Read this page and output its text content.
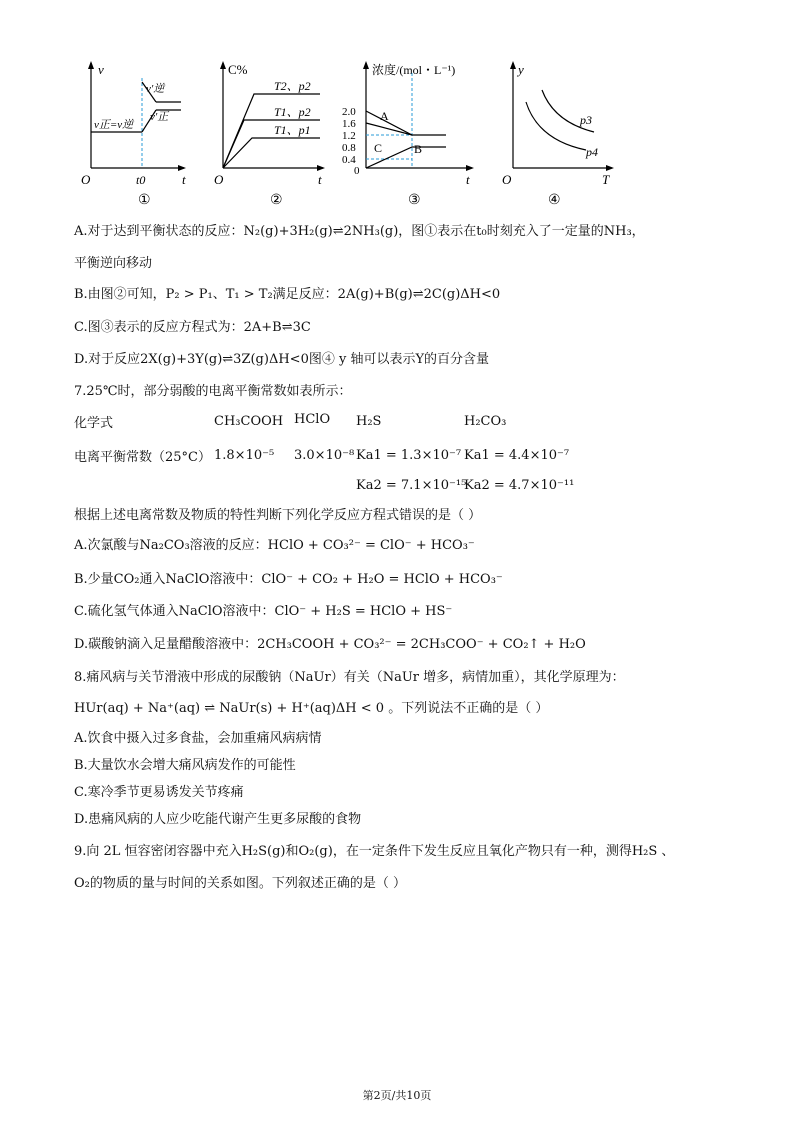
v
t
O
v′逆
v′正
v正=v逆
t0
①
C%
t
O
T2、p2
T1、p2
T1、p1
②
浓度/(mol・L⁻¹)
t
2.0
1.6
1.2
0.8
0.4
0
A
B
C
③
y
T
O
p3
p4
④
A.对于达到平衡状态的反应：N₂(g)+3H₂(g)⇌2NH₃(g)，图①表示在t₀时刻充入了一定量的NH₃，
平衡逆向移动
B.由图②可知，P₂ > P₁、T₁ > T₂满足反应：2A(g)+B(g)⇌2C(g)ΔH<0
C.图③表示的反应方程式为：2A+B⇌3C
D.对于反应2X(g)+3Y(g)⇌3Z(g)ΔH<0图④ y 轴可以表示Y的百分含量
7.25℃时，部分弱酸的电离平衡常数如表所示：
化学式	CH₃COOH HClO H₂S	H₂CO₃
电离平衡常数（25°C） 1.8×10⁻⁵ 3.0×10⁻⁸ Ka1 = 1.3×10⁻⁷ Ka1 = 4.4×10⁻⁷
Ka2 = 7.1×10⁻¹⁵
Ka2 = 4.7×10⁻¹¹
根据上述电离常数及物质的特性判断下列化学反应方程式错误的是（ ）
A.次氯酸与Na₂CO₃溶液的反应：HClO + CO₃²⁻ = ClO⁻ + HCO₃⁻
B.少量CO₂通入NaClO溶液中：ClO⁻ + CO₂ + H₂O = HClO + HCO₃⁻
C.硫化氢气体通入NaClO溶液中：ClO⁻ + H₂S = HClO + HS⁻
D.碳酸钠滴入足量醋酸溶液中：2CH₃COOH + CO₃²⁻ = 2CH₃COO⁻ + CO₂↑ + H₂O
8.痛风病与关节滑液中形成的尿酸钠（NaUr）有关（NaUr 增多，病情加重），其化学原理为：
HUr(aq) + Na⁺(aq) ⇌ NaUr(s) + H⁺(aq)ΔH < 0 。下列说法不正确的是（ ）
A.饮食中摄入过多食盐，会加重痛风病病情
B.大量饮水会增大痛风病发作的可能性
C.寒冷季节更易诱发关节疼痛
D.患痛风病的人应少吃能代谢产生更多尿酸的食物
9.向 2L 恒容密闭容器中充入H₂S(g)和O₂(g)，在一定条件下发生反应且氧化产物只有一种，测得H₂S 、
O₂的物质的量与时间的关系如图。下列叙述正确的是（ ）
第2页/共10页
